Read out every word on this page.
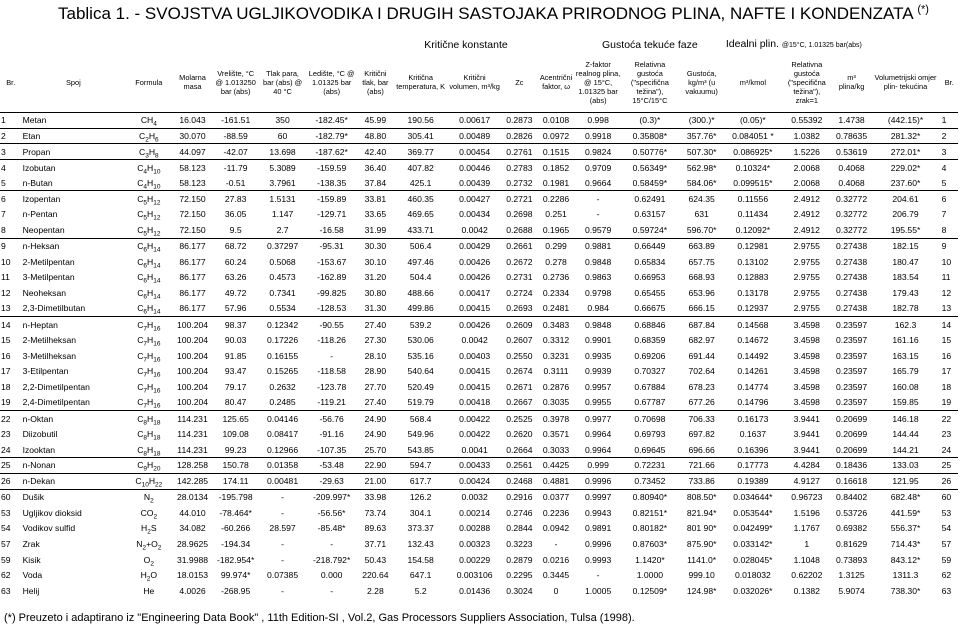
Tablica 1. - SVOJSTVA UGLJIKOVODIKA I DRUGIH SASTOJAKA PRIRODNOG PLINA, NAFTE I KONDENZATA (*)
							Kritične konstante					Gustoća tekuće faze			Idealni plin. @15°C, 1.01325 bar(abs)				
Br.	Spoj	Formula	Molarna masa	Vrelište, °C @ 1.013250 bar (abs)	Tlak para, bar (abs) @ 40 °C	Ledište, °C @ 1.01325 bar (abs)	Kritični tlak, bar (abs)	Kritična temperatura, K	Kritični volumen, m³/kg	Zc	Acentrični faktor, ω	Z-faktor realnog plina, @ 15°C, 1.01325 bar (abs)	Relativna gustoća ("specifična težina"), 15°C/15°C	Gustoća, kg/m³ (u vakuumu)	m³/kmol	Relativna gustoća ("specifična težina"), zrak=1	m³ plina/kg	Volumetrijski omjer plin- tekućina	Br.
1	Metan	$CH_4$	16.043	-161.51	350	-182.45*	45.99	190.56	0.00617	0.2873	0.0108	0.998	(0.3)*	(300.)*	(0.05)*	0.55392	1.4738	(442.15)*	1
2	Etan	$C_2H_6$	30.070	-88.59	60	-182.79*	48.80	305.41	0.00489	0.2826	0.0972	0.9918	0.35808*	357.76*	0.084051 *	1.0382	0.78635	281.32*	2
3	Propan	$C_3H_8$	44.097	-42.07	13.698	-187.62*	42.40	369.77	0.00454	0.2761	0.1515	0.9824	0.50776*	507.30*	0.086925*	1.5226	0.53619	272.01*	3
4	Izobutan	$C_4H_{10}$	58.123	-11.79	5.3089	-159.59	36.40	407.82	0.00446	0.2783	0.1852	0.9709	0.56349*	562.98*	0.10324*	2.0068	0.4068	229.02*	4
5	n-Butan	$C_4H_{10}$	58.123	-0.51	3.7961	-138.35	37.84	425.1	0.00439	0.2732	0.1981	0.9664	0.58459*	584.06*	0.099515*	2.0068	0.4068	237.60*	5
6	Izopentan	$C_5H_{12}$	72.150	27.83	1.5131	-159.89	33.81	460.35	0.00427	0.2721	0.2286	-	0.62491	624.35	0.11556	2.4912	0.32772	204.61	6
7	n-Pentan	$C_5H_{12}$	72.150	36.05	1.147	-129.71	33.65	469.65	0.00434	0.2698	0.251	-	0.63157	631	0.11434	2.4912	0.32772	206.79	7
8	Neopentan	$C_5H_{12}$	72.150	9.5	2.7	-16.58	31.99	433.71	0.0042	0.2688	0.1965	0.9579	0.59724*	596.70*	0.12092*	2.4912	0.32772	195.55*	8
9	n-Heksan	$C_6H_{14}$	86.177	68.72	0.37297	-95.31	30.30	506.4	0.00429	0.2661	0.299	0.9881	0.66449	663.89	0.12981	2.9755	0.27438	182.15	9
10	2-Metilpentan	$C_6H_{14}$	86.177	60.24	0.5068	-153.67	30.10	497.46	0.00426	0.2672	0.278	0.9848	0.65834	657.75	0.13102	2.9755	0.27438	180.47	10
11	3-Metilpentan	$C_6H_{14}$	86.177	63.26	0.4573	-162.89	31.20	504.4	0.00426	0.2731	0.2736	0.9863	0.66953	668.93	0.12883	2.9755	0.27438	183.54	11
12	Neoheksan	$C_6H_{14}$	86.177	49.72	0.7341	-99.825	30.80	488.66	0.00417	0.2724	0.2334	0.9798	0.65455	653.96	0.13178	2.9755	0.27438	179.43	12
13	2,3-Dimetilbutan	$C_6H_{14}$	86.177	57.96	0.5534	-128.53	31.30	499.86	0.00415	0.2693	0.2481	0.984	0.66675	666.15	0.12937	2.9755	0.27438	182.78	13
14	n-Heptan	$C_7H_{16}$	100.204	98.37	0.12342	-90.55	27.40	539.2	0.00426	0.2609	0.3483	0.9848	0.68846	687.84	0.14568	3.4598	0.23597	162.3	14
15	2-Metilheksan	$C_7H_{16}$	100.204	90.03	0.17226	-118.26	27.30	530.06	0.0042	0.2607	0.3312	0.9901	0.68359	682.97	0.14672	3.4598	0.23597	161.16	15
16	3-Metilheksan	$C_7H_{16}$	100.204	91.85	0.16155	-	28.10	535.16	0.00403	0.2550	0.3231	0.9935	0.69206	691.44	0.14492	3.4598	0.23597	163.15	16
17	3-Etilpentan	$C_7H_{16}$	100.204	93.47	0.15265	-118.58	28.90	540.64	0.00415	0.2674	0.3111	0.9939	0.70327	702.64	0.14261	3.4598	0.23597	165.79	17
18	2,2-Dimetilpentan	$C_7H_{16}$	100.204	79.17	0.2632	-123.78	27.70	520.49	0.00415	0.2671	0.2876	0.9957	0.67884	678.23	0.14774	3.4598	0.23597	160.08	18
19	2,4-Dimetilpentan	$C_7H_{16}$	100.204	80.47	0.2485	-119.21	27.40	519.79	0.00418	0.2667	0.3035	0.9955	0.67787	677.26	0.14796	3.4598	0.23597	159.85	19
22	n-Oktan	$C_8H_{18}$	114.231	125.65	0.04146	-56.76	24.90	568.4	0.00422	0.2525	0.3978	0.9977	0.70698	706.33	0.16173	3.9441	0.20699	146.18	22
23	Diizobutil	$C_8H_{18}$	114.231	109.08	0.08417	-91.16	24.90	549.96	0.00422	0.2620	0.3571	0.9964	0.69793	697.82	0.1637	3.9441	0.20699	144.44	23
24	Izooktan	$C_8H_{18}$	114.231	99.23	0.12966	-107.35	25.70	543.85	0.0041	0.2664	0.3033	0.9964	0.69645	696.66	0.16396	3.9441	0.20699	144.21	24
25	n-Nonan	$C_9H_{20}$	128.258	150.78	0.01358	-53.48	22.90	594.7	0.00433	0.2561	0.4425	0.999	0.72231	721.66	0.17773	4.4284	0.18436	133.03	25
26	n-Dekan	$C_{10}H_{22}$	142.285	174.11	0.00481	-29.63	21.00	617.7	0.00424	0.2468	0.4881	0.9996	0.73452	733.86	0.19389	4.9127	0.16618	121.95	26
60	Dušik	$N_2$	28.0134	-195.798	-	-209.997*	33.98	126.2	0.0032	0.2916	0.0377	0.9997	0.80940*	808.50*	0.034644*	0.96723	0.84402	682.48*	60
53	Ugljikov dioksid	$CO_2$	44.010	-78.464*	-	-56.56*	73.74	304.1	0.00214	0.2746	0.2236	0.9943	0.82151*	821.94*	0.053544*	1.5196	0.53726	441.59*	53
54	Vodikov sulfid	$H_2S$	34.082	-60.266	28.597	-85.48*	89.63	373.37	0.00288	0.2844	0.0942	0.9891	0.80182*	801 90*	0.042499*	1.1767	0.69382	556.37*	54
57	Zrak	$N_2+O_2$	28.9625	-194.34	-	-	37.71	132.43	0.00323	0.3223	-	0.9996	0.87603*	875.90*	0.033142*	1	0.81629	714.43*	57
59	Kisik	$O_2$	31.9988	-182.954*	-	-218.792*	50.43	154.58	0.00229	0.2879	0.0216	0.9993	1.1420*	1141.0*	0.028045*	1.1048	0.73893	843.12*	59
62	Voda	$H_2O$	18.0153	99.974*	0.07385	0.000	220.64	647.1	0.003106	0.2295	0.3445	-	1.0000	999.10	0.018032	0.62202	1.3125	1311.3	62
63	Helij	He	4.0026	-268.95	-	-	2.28	5.2	0.01436	0.3024	0	1.0005	0.12509*	124.98*	0.032026*	0.1382	5.9074	738.30*	63
(*) Preuzeto i adaptirano iz "Engineering Data Book" , 11th Edition-SI , Vol.2, Gas Processors Suppliers Association, Tulsa (1998).
